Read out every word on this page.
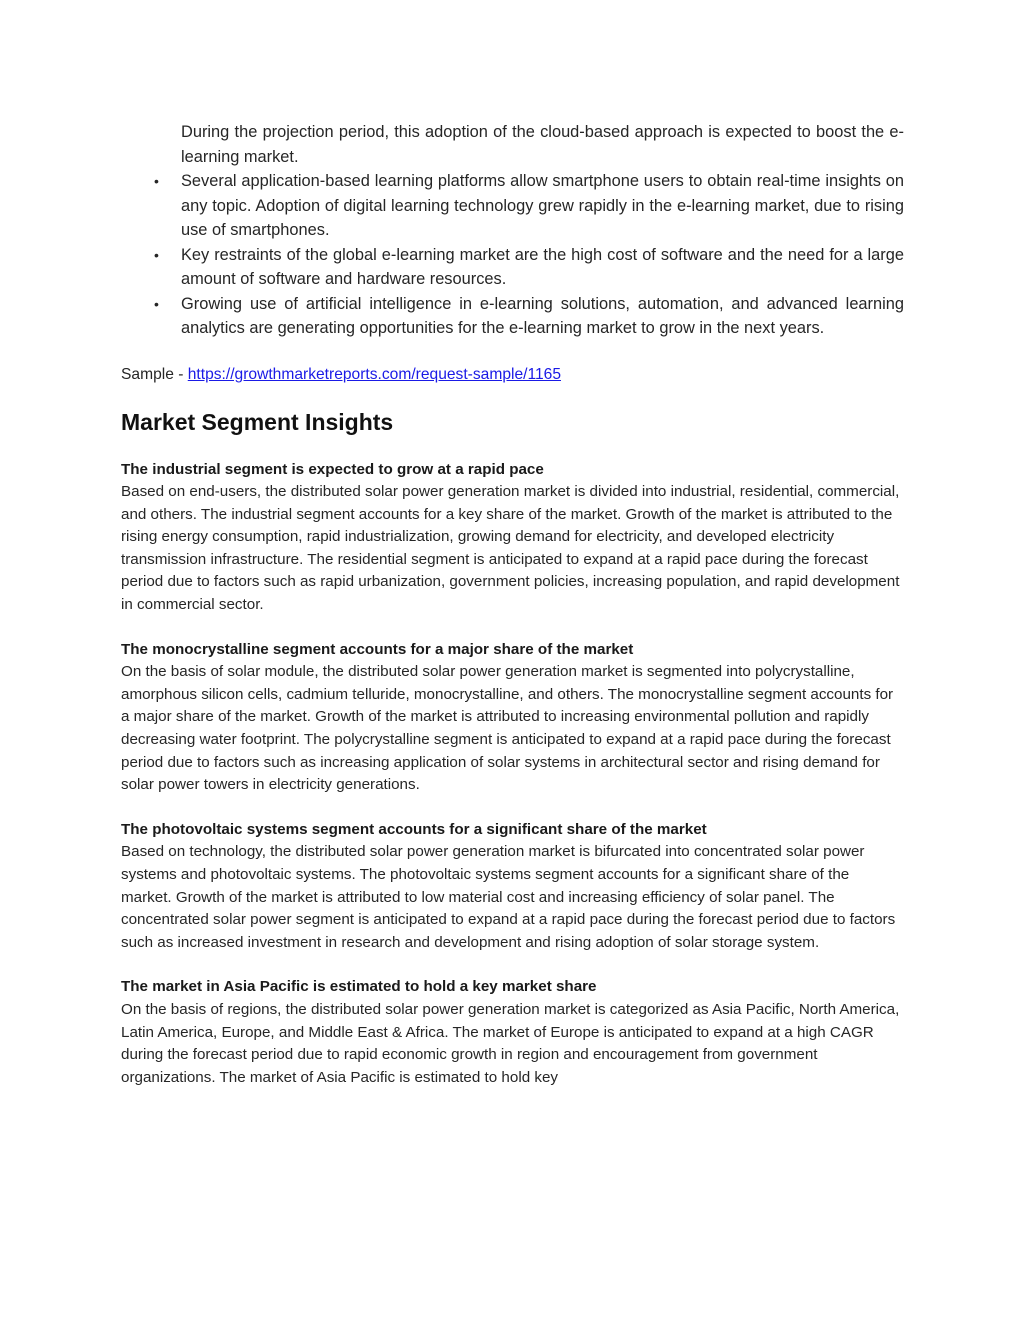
During the projection period, this adoption of the cloud-based approach is expected to boost the e-learning market.
• Several application-based learning platforms allow smartphone users to obtain real-time insights on any topic. Adoption of digital learning technology grew rapidly in the e-learning market, due to rising use of smartphones.
• Key restraints of the global e-learning market are the high cost of software and the need for a large amount of software and hardware resources.
• Growing use of artificial intelligence in e-learning solutions, automation, and advanced learning analytics are generating opportunities for the e-learning market to grow in the next years.
Sample - https://growthmarketreports.com/request-sample/1165
Market Segment Insights
The industrial segment is expected to grow at a rapid pace

Based on end-users, the distributed solar power generation market is divided into industrial, residential, commercial, and others. The industrial segment accounts for a key share of the market. Growth of the market is attributed to the rising energy consumption, rapid industrialization, growing demand for electricity, and developed electricity transmission infrastructure. The residential segment is anticipated to expand at a rapid pace during the forecast period due to factors such as rapid urbanization, government policies, increasing population, and rapid development in commercial sector.

The monocrystalline segment accounts for a major share of the market

On the basis of solar module, the distributed solar power generation market is segmented into polycrystalline, amorphous silicon cells, cadmium telluride, monocrystalline, and others. The monocrystalline segment accounts for a major share of the market. Growth of the market is attributed to increasing environmental pollution and rapidly decreasing water footprint. The polycrystalline segment is anticipated to expand at a rapid pace during the forecast period due to factors such as increasing application of solar systems in architectural sector and rising demand for solar power towers in electricity generations.

The photovoltaic systems segment accounts for a significant share of the market

Based on technology, the distributed solar power generation market is bifurcated into concentrated solar power systems and photovoltaic systems. The photovoltaic systems segment accounts for a significant share of the market. Growth of the market is attributed to low material cost and increasing efficiency of solar panel. The concentrated solar power segment is anticipated to expand at a rapid pace during the forecast period due to factors such as increased investment in research and development and rising adoption of solar storage system.

The market in Asia Pacific is estimated to hold a key market share

On the basis of regions, the distributed solar power generation market is categorized as Asia Pacific, North America, Latin America, Europe, and Middle East & Africa. The market of Europe is anticipated to expand at a high CAGR during the forecast period due to rapid economic growth in region and encouragement from government organizations. The market of Asia Pacific is estimated to hold key
